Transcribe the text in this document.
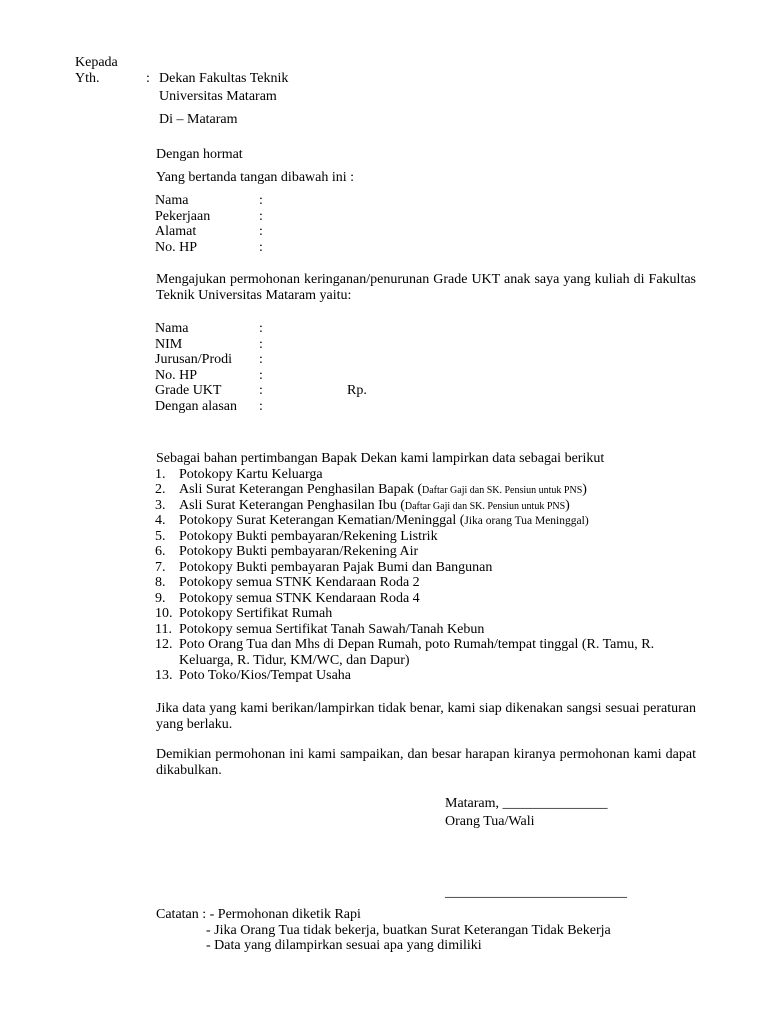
Kepada
Yth.	: Dekan Fakultas Teknik
Universitas Mataram
Di – Mataram
Dengan hormat
Yang bertanda tangan dibawah ini :
Nama	:
Pekerjaan	:
Alamat	:
No. HP	:
Mengajukan permohonan keringanan/penurunan Grade UKT anak saya yang kuliah di Fakultas Teknik Universitas Mataram yaitu:
Nama	:
NIM	:
Jurusan/Prodi :
No. HP	:
Grade UKT	:	Rp.
Dengan alasan :
Sebagai bahan pertimbangan Bapak Dekan kami lampirkan data sebagai berikut
1. Potokopy Kartu Keluarga
2. Asli Surat Keterangan Penghasilan Bapak (Daftar Gaji dan SK. Pensiun untuk PNS)
3. Asli Surat Keterangan Penghasilan Ibu (Daftar Gaji dan SK. Pensiun untuk PNS)
4. Potokopy Surat Keterangan Kematian/Meninggal (Jika orang Tua Meninggal)
5. Potokopy Bukti pembayaran/Rekening Listrik
6. Potokopy Bukti pembayaran/Rekening Air
7. Potokopy Bukti pembayaran Pajak Bumi dan Bangunan
8. Potokopy semua STNK Kendaraan Roda 2
9. Potokopy semua STNK Kendaraan Roda 4
10. Potokopy Sertifikat Rumah
11. Potokopy semua Sertifikat Tanah Sawah/Tanah Kebun
12. Poto Orang Tua dan Mhs di Depan Rumah, poto Rumah/tempat tinggal (R. Tamu, R. Keluarga, R. Tidur, KM/WC, dan Dapur)
13. Poto Toko/Kios/Tempat Usaha
Jika data yang kami berikan/lampirkan tidak benar, kami siap dikenakan sangsi sesuai peraturan yang berlaku.
Demikian permohonan ini kami sampaikan, dan besar harapan kiranya permohonan kami dapat dikabulkan.
Mataram, _______________
Orang Tua/Wali
__________________________
Catatan : - Permohonan diketik Rapi
- Jika Orang Tua tidak bekerja, buatkan Surat Keterangan Tidak Bekerja
- Data yang dilampirkan sesuai apa yang dimiliki
